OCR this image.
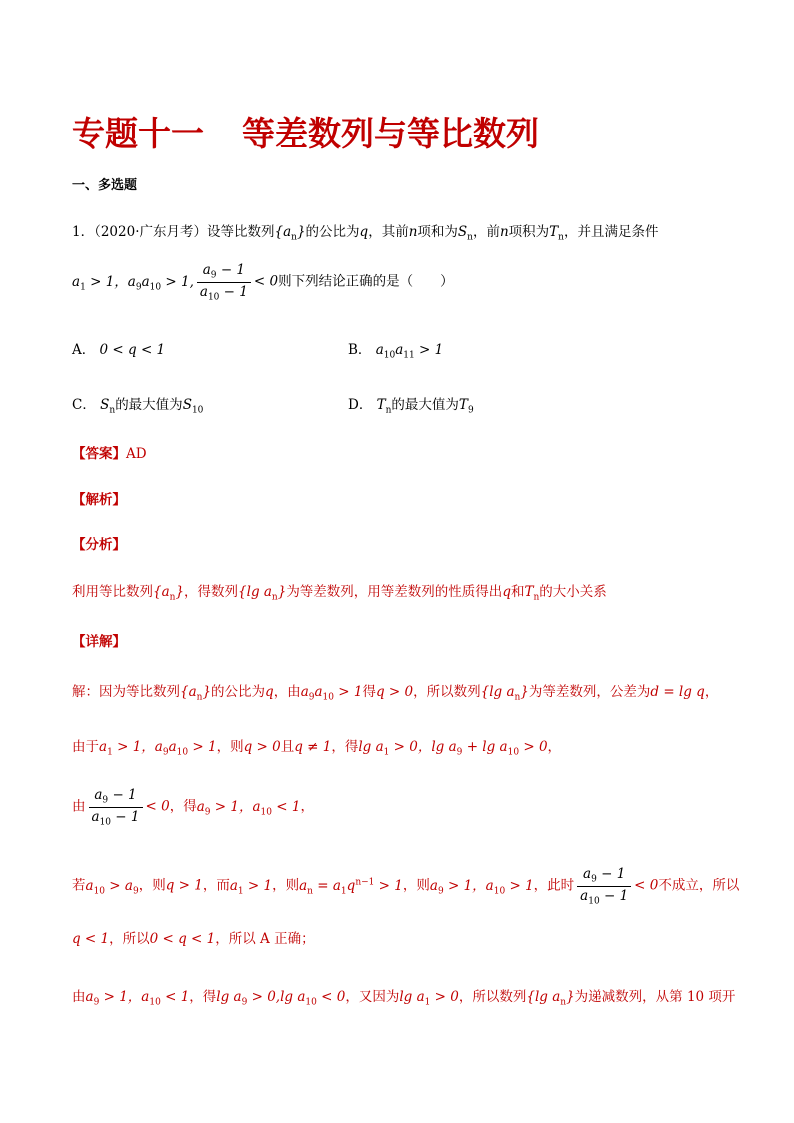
专题十一 等差数列与等比数列
一、多选题
1．（2020·广东月考）设等比数列$\{a_n\}$的公比为q，其前n项和为$S_n$，前n项积为$T_n$，并且满足条件
$a_1 > 1$，$a_9a_{10} > 1$, $\frac{a_9 - 1}{a_{10} - 1} < 0$则下列结论正确的是（　　）
A． 0 < q < 1	B． $a_{10}a_{11} > 1$
C． $S_n$的最大值为$S_{10}$	D． $T_n$的最大值为$T_9$
【答案】AD
【解析】
【分析】
利用等比数列$\{a_n\}$，得数列{lg $a_n$}为等差数列，用等差数列的性质得出q和$T_n$的大小关系
【详解】
解：因为等比数列$\{a_n\}$的公比为q，由$a_9a_{10} > 1$得q > 0，所以数列{lg $a_n$}为等差数列，公差为d = lg q，
由于$a_1 > 1$，$a_9a_{10} > 1$，则q > 0且q ≠ 1，得$\lg a_1 > 0$，$\lg a_9 + \lg a_{10} > 0$，
由 $\frac{a_9 - 1}{a_{10} - 1} < 0$，得$a_9 > 1$，$a_{10} < 1$，
若$a_{10} > a_9$，则q > 1，而$a_1 > 1$，则$a_n = a_1q^{n-1} > 1$，则$a_9 > 1$，$a_{10} > 1$，此时 $\frac{a_9 - 1}{a_{10} - 1} < 0$不成立，所以
q < 1，所以0 < q < 1，所以 A 正确；
由$a_9 > 1$，$a_{10} < 1$，得$\lg a_9 > 0,\lg$ $a_{10} < 0$，又因为$\lg a_1 > 0$，所以数列{lg $a_n$}为递减数列，从第 10 项开
